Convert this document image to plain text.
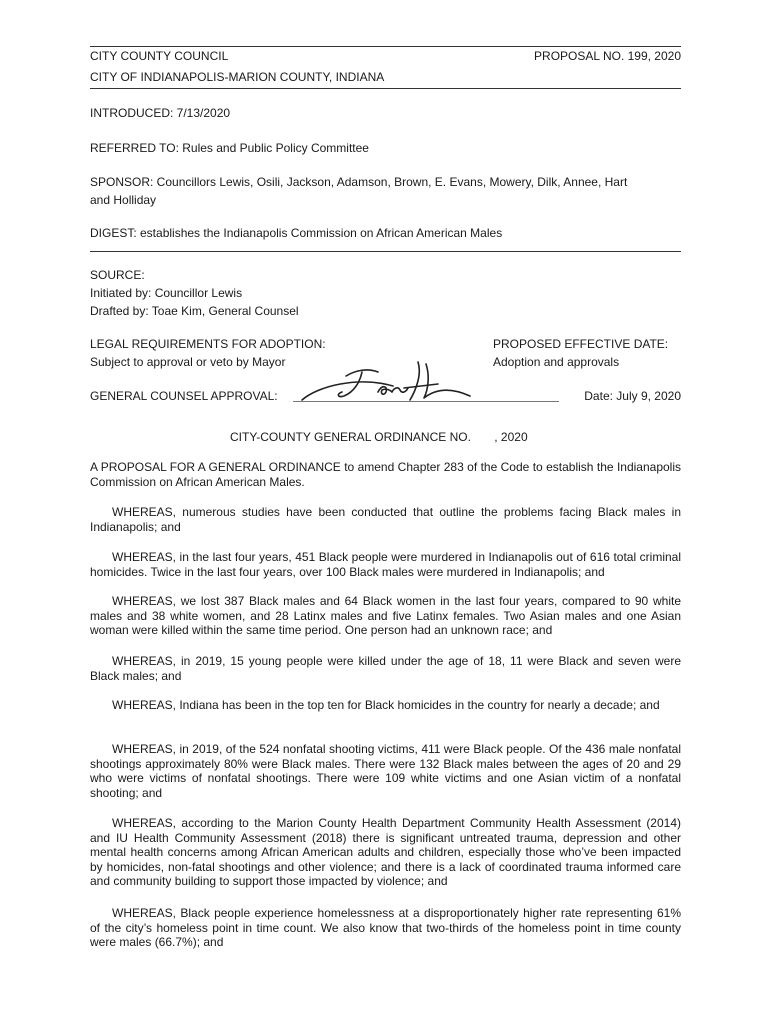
CITY COUNTY COUNCIL	PROPOSAL NO. 199, 2020
CITY OF INDIANAPOLIS-MARION COUNTY, INDIANA
INTRODUCED: 7/13/2020
REFERRED TO: Rules and Public Policy Committee
SPONSOR: Councillors Lewis, Osili, Jackson, Adamson, Brown, E. Evans, Mowery, Dilk, Annee, Hart
and Holliday
DIGEST: establishes the Indianapolis Commission on African American Males
SOURCE:
Initiated by: Councillor Lewis
Drafted by: Toae Kim, General Counsel
LEGAL REQUIREMENTS FOR ADOPTION:
Subject to approval or veto by Mayor
PROPOSED EFFECTIVE DATE:
Adoption and approvals
GENERAL COUNSEL APPROVAL:	Date: July 9, 2020
CITY-COUNTY GENERAL ORDINANCE NO.       , 2020

A PROPOSAL FOR A GENERAL ORDINANCE to amend Chapter 283 of the Code to establish the Indianapolis Commission on African American Males.

WHEREAS, numerous studies have been conducted that outline the problems facing Black males in Indianapolis; and

WHEREAS, in the last four years, 451 Black people were murdered in Indianapolis out of 616 total criminal homicides. Twice in the last four years, over 100 Black males were murdered in Indianapolis; and

WHEREAS, we lost 387 Black males and 64 Black women in the last four years, compared to 90 white males and 38 white women, and 28 Latinx males and five Latinx females. Two Asian males and one Asian woman were killed within the same time period. One person had an unknown race; and

WHEREAS, in 2019, 15 young people were killed under the age of 18, 11 were Black and seven were Black males; and

WHEREAS, Indiana has been in the top ten for Black homicides in the country for nearly a decade; and

WHEREAS, in 2019, of the 524 nonfatal shooting victims, 411 were Black people. Of the 436 male nonfatal shootings approximately 80% were Black males. There were 132 Black males between the ages of 20 and 29 who were victims of nonfatal shootings. There were 109 white victims and one Asian victim of a nonfatal shooting; and

WHEREAS, according to the Marion County Health Department Community Health Assessment (2014) and IU Health Community Assessment (2018) there is significant untreated trauma, depression and other mental health concerns among African American adults and children, especially those who’ve been impacted by homicides, non-fatal shootings and other violence; and there is a lack of coordinated trauma informed care and community building to support those impacted by violence; and

WHEREAS, Black people experience homelessness at a disproportionately higher rate representing 61% of the city’s homeless point in time count. We also know that two-thirds of the homeless point in time county were males (66.7%); and
